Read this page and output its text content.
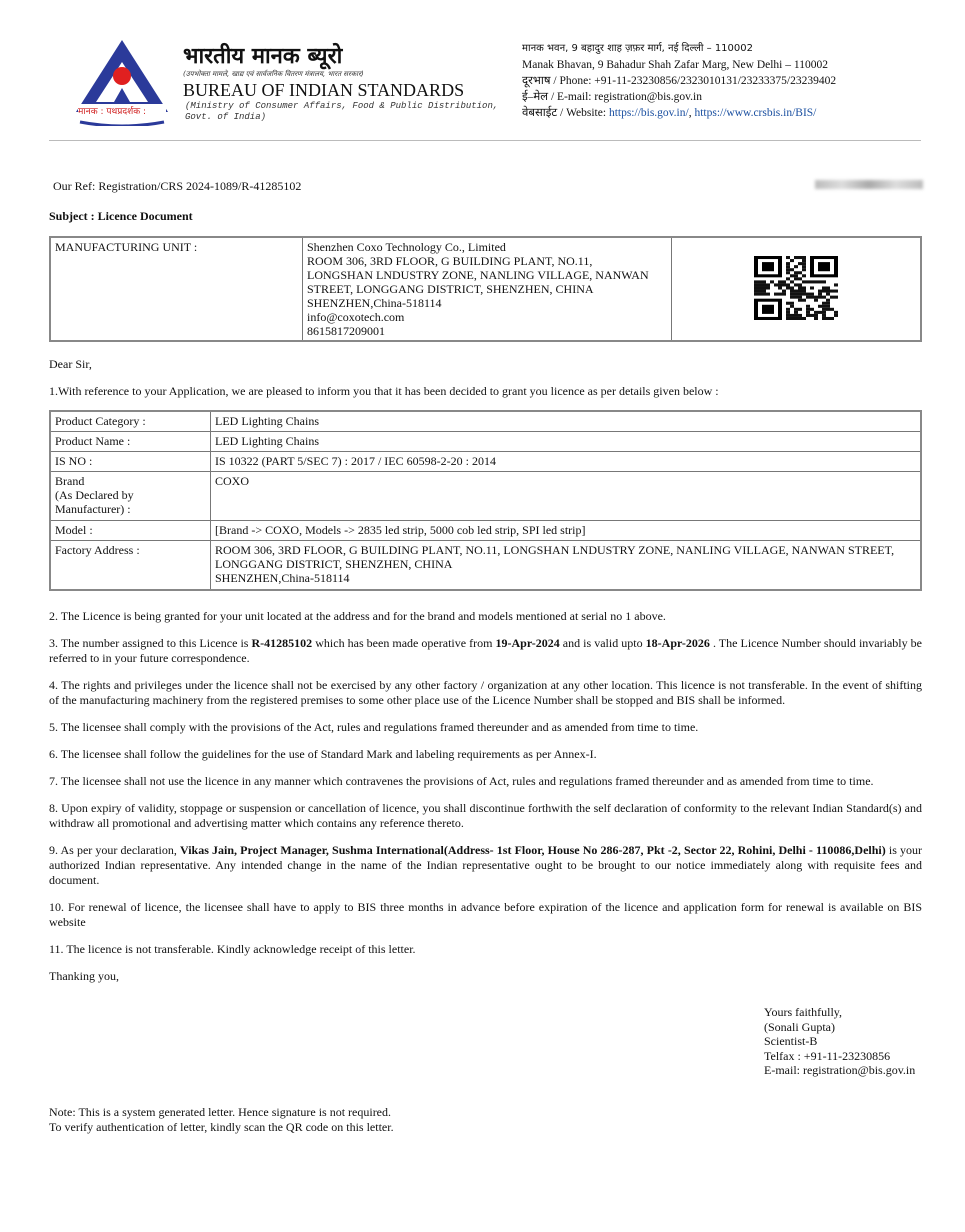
मानक : पथप्रदर्शक :
भारतीय मानक ब्यूरो
(उपभोक्ता मामले, खाद्य एवं सार्वजनिक वितरण मंत्रालय, भारत सरकार)
BUREAU OF INDIAN STANDARDS
(Ministry of Consumer Affairs, Food & Public Distribution,
Govt. of India)
मानक भवन, 9 बहादुर शाह ज़फ़र मार्ग, नई दिल्ली – 110002
Manak Bhavan, 9 Bahadur Shah Zafar Marg, New Delhi – 110002
दूरभाष / Phone: +91-11-23230856/2323010131/23233375/23239402
ई–मेल / E-mail: registration@bis.gov.in
वेबसाईट / Website: https://bis.gov.in/, https://www.crsbis.in/BIS/
Our Ref: Registration/CRS 2024-1089/R-41285102
Subject : Licence Document
MANUFACTURING UNIT :	Shenzhen Coxo Technology Co., Limited
ROOM 306, 3RD FLOOR, G BUILDING PLANT, NO.11,
LONGSHAN LNDUSTRY ZONE, NANLING VILLAGE, NANWAN
STREET, LONGGANG DISTRICT, SHENZHEN, CHINA
SHENZHEN,China-518114
info@coxotech.com
8615817209001

Dear Sir,
1.With reference to your Application, we are pleased to inform you that it has been decided to grant you licence as per details given below :
Product Category :	LED Lighting Chains
Product Name :	LED Lighting Chains
IS NO :	IS 10322 (PART 5/SEC 7) : 2017 / IEC 60598-2-20 : 2014
Brand
(As Declared by
Manufacturer) :	COXO
Model :	[Brand -> COXO, Models -> 2835 led strip, 5000 cob led strip, SPI led strip]
Factory Address :	ROOM 306, 3RD FLOOR, G BUILDING PLANT, NO.11, LONGSHAN LNDUSTRY ZONE, NANLING VILLAGE, NANWAN STREET, LONGGANG DISTRICT, SHENZHEN, CHINA
SHENZHEN,China-518114
2. The Licence is being granted for your unit located at the address and for the brand and models mentioned at serial no 1 above.
3. The number assigned to this Licence is R-41285102 which has been made operative from 19-Apr-2024 and is valid upto 18-Apr-2026 . The Licence Number should invariably be referred to in your future correspondence.
4. The rights and privileges under the licence shall not be exercised by any other factory / organization at any other location. This licence is not transferable. In the event of shifting of the manufacturing machinery from the registered premises to some other place use of the Licence Number shall be stopped and BIS shall be informed.
5. The licensee shall comply with the provisions of the Act, rules and regulations framed thereunder and as amended from time to time.
6. The licensee shall follow the guidelines for the use of Standard Mark and labeling requirements as per Annex-I.
7. The licensee shall not use the licence in any manner which contravenes the provisions of Act, rules and regulations framed thereunder and as amended from time to time.
8. Upon expiry of validity, stoppage or suspension or cancellation of licence, you shall discontinue forthwith the self declaration of conformity to the relevant Indian Standard(s) and withdraw all promotional and advertising matter which contains any reference thereto.
9. As per your declaration, Vikas Jain, Project Manager, Sushma International(Address- 1st Floor, House No 286-287, Pkt -2, Sector 22, Rohini, Delhi - 110086,Delhi) is your authorized Indian representative. Any intended change in the name of the Indian representative ought to be brought to our notice immediately along with requisite fees and document.
10. For renewal of licence, the licensee shall have to apply to BIS three months in advance before expiration of the licence and application form for renewal is available on BIS website
11. The licence is not transferable. Kindly acknowledge receipt of this letter.
Thanking you,
Yours faithfully,
(Sonali Gupta)
Scientist-B
Telfax : +91-11-23230856
E-mail: registration@bis.gov.in
Note: This is a system generated letter. Hence signature is not required.
To verify authentication of letter, kindly scan the QR code on this letter.
